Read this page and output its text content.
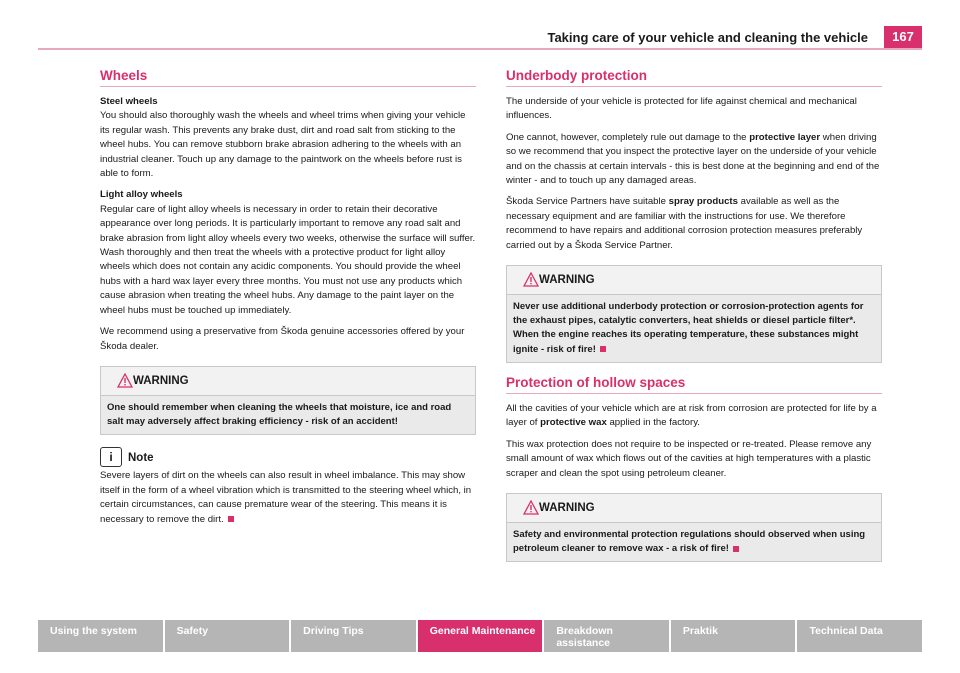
Taking care of your vehicle and cleaning the vehicle	167
Wheels

Steel wheels

You should also thoroughly wash the wheels and wheel trims when giving your vehicle its regular wash. This prevents any brake dust, dirt and road salt from sticking to the wheel hubs. You can remove stubborn brake abrasion adhering to the wheels with an industrial cleaner. Touch up any damage to the paintwork on the wheels before rust is able to form.

Light alloy wheels

Regular care of light alloy wheels is necessary in order to retain their decorative appearance over long periods. It is particularly important to remove any road salt and brake abrasion from light alloy wheels every two weeks, otherwise the surface will suffer. Wash thoroughly and then treat the wheels with a protective product for light alloy wheels which does not contain any acidic components. You should provide the wheel hubs with a hard wax layer every three months. You must not use any products which cause abrasion when treating the wheel hubs. Any damage to the paint layer on the wheel hubs must be touched up immediately.

We recommend using a preservative from Škoda genuine accessories offered by your Škoda dealer.

WARNING
One should remember when cleaning the wheels that moisture, ice and road salt may adversely affect braking efficiency - risk of an accident!
i	Note

Severe layers of dirt on the wheels can also result in wheel imbalance. This may show itself in the form of a wheel vibration which is transmitted to the steering wheel which, in certain circumstances, can cause premature wear of the steering. This means it is necessary to remove the dirt.

Underbody protection

The underside of your vehicle is protected for life against chemical and mechanical influences.

One cannot, however, completely rule out damage to the protective layer when driving so we recommend that you inspect the protective layer on the underside of your vehicle and on the chassis at certain intervals - this is best done at the beginning and end of the winter - and to touch up any damaged areas.

Škoda Service Partners have suitable spray products available as well as the necessary equipment and are familiar with the instructions for use. We therefore recommend to have repairs and additional corrosion protection measures preferably carried out by a Škoda Service Partner.

WARNING
Never use additional underbody protection or corrosion-protection agents for the exhaust pipes, catalytic converters, heat shields or diesel particle filter*. When the engine reaches its operating temperature, these substances might ignite - risk of fire!
Protection of hollow spaces

All the cavities of your vehicle which are at risk from corrosion are protected for life by a layer of protective wax applied in the factory.

This wax protection does not require to be inspected or re-treated. Please remove any small amount of wax which flows out of the cavities at high temperatures with a plastic scraper and clean the spot using petroleum cleaner.

WARNING
Safety and environmental protection regulations should observed when using petroleum cleaner to remove wax - a risk of fire!
Using the system	Safety	Driving Tips	General Maintenance	Breakdown assistance
Praktik	Technical Data
